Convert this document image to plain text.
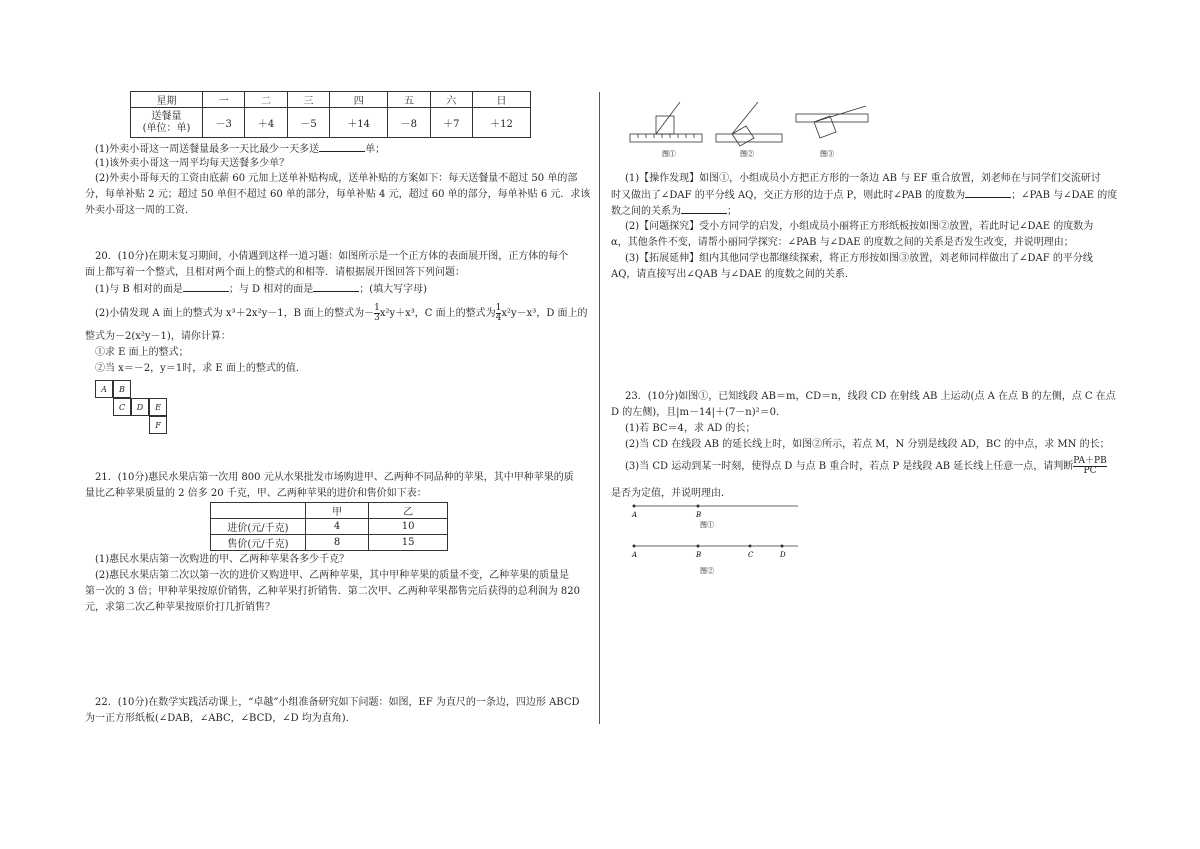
星期	一	二	三	四	五	六	日
送餐量
(单位：单)	－3	＋4	－5	＋14	－8	＋7	＋12
(1)外卖小哥这一周送餐量最多一天比最少一天多送	单；
(1)该外卖小哥这一周平均每天送餐多少单？
(2)外卖小哥每天的工资由底薪 60 元加上送单补贴构成，送单补贴的方案如下：每天送餐量不超过 50 单的部
分，每单补贴 2 元；超过 50 单但不超过 60 单的部分，每单补贴 4 元，超过 60 单的部分，每单补贴 6 元．求该
外卖小哥这一周的工资．
20．(10分)在期末复习期间，小倩遇到这样一道习题：如图所示是一个正方体的表面展开图，正方体的每个
面上都写着一个整式，且相对两个面上的整式的和相等．请根据展开图回答下列问题：
(1)与 B 相对的面是	；与 D 相对的面是	；(填大写字母)
(2)小倩发现 A 面上的整式为 x³＋2x²y－1，B 面上的整式为－ $\frac{1}{3} x^2y+x^3$，C 面上的整式为 $\frac{1}{4} x^2y-x^3$，D 面上的
整式为－2(x²y－1)，请你计算：
①求 E 面上的整式；
②当 x＝－2，y＝1时，求 E 面上的整式的值．
A	B
C	D	E
F
21．(10分)惠民水果店第一次用 800 元从水果批发市场购进甲、乙两种不同品种的苹果，其中甲种苹果的质
量比乙种苹果质量的 2 倍多 20 千克，甲、乙两种苹果的进价和售价如下表：
	甲	乙
进价(元/千克)	4	10
售价(元/千克)	8	15
(1)惠民水果店第一次购进的甲、乙两种苹果各多少千克？
(2)惠民水果店第二次以第一次的进价又购进甲、乙两种苹果，其中甲种苹果的质量不变，乙种苹果的质量是
第一次的 3 倍；甲种苹果按原价销售，乙种苹果打折销售．第二次甲、乙两种苹果都售完后获得的总利润为 820
元，求第二次乙种苹果按原价打几折销售？
22．(10分)在数学实践活动课上，“卓越”小组准备研究如下问题：如图，EF 为直尺的一条边，四边形 ABCD
为一正方形纸板(∠DAB，∠ABC，∠BCD，∠D 均为直角)．
图①	图②	图③
(1)【操作发现】如图①，小组成员小方把正方形的一条边 AB 与 EF 重合放置，刘老师在与同学们交流研讨
时又做出了∠DAF 的平分线 AQ，交正方形的边于点 P，则此时∠PAB 的度数为	；∠PAB 与∠DAE 的度
数之间的关系为	；
(2)【问题探究】受小方同学的启发，小组成员小丽将正方形纸板按如图②放置，若此时记∠DAE 的度数为
α，其他条件不变，请帮小丽同学探究：∠PAB 与∠DAE 的度数之间的关系是否发生改变，并说明理由；
(3)【拓展延伸】组内其他同学也都继续探索，将正方形按如图③放置，刘老师同样做出了∠DAF 的平分线
AQ，请直接写出∠QAB 与∠DAE 的度数之间的关系．
23．(10分)如图①，已知线段 AB＝m，CD＝n，线段 CD 在射线 AB 上运动(点 A 在点 B 的左侧，点 C 在点
D 的左侧)，且|m－14|＋(7－n)²＝0．
(1)若 BC＝4，求 AD 的长；
(2)当 CD 在线段 AB 的延长线上时，如图②所示，若点 M，N 分别是线段 AD，BC 的中点，求 MN 的长；
(3)当 CD 运动到某一时刻，使得点 D 与点 B 重合时，若点 P 是线段 AB 延长线上任意一点，请判断 $\frac{PA+PB}{PC}$
是否为定值，并说明理由．
A	B
图①
A	B	C	D
图②
